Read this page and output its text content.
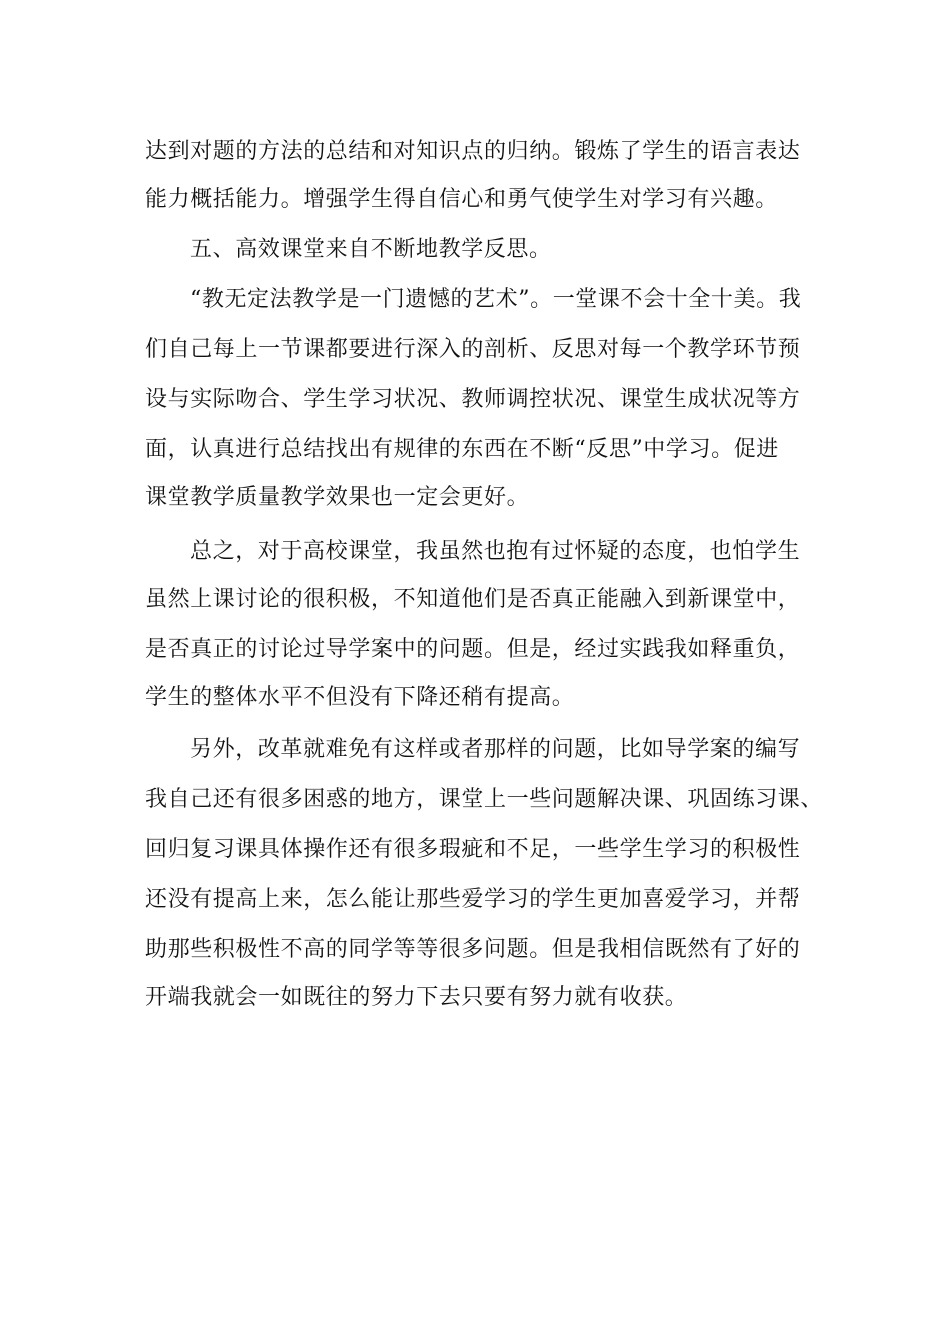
达到对题的方法的总结和对知识点的归纳。锻炼了学生的语言表达
能力概括能力。增强学生得自信心和勇气使学生对学习有兴趣。
五、高效课堂来自不断地教学反思。
“教无定法教学是一门遗憾的艺术”。一堂课不会十全十美。我
们自己每上一节课都要进行深入的剖析、反思对每一个教学环节预
设与实际吻合、学生学习状况、教师调控状况、课堂生成状况等方
面，认真进行总结找出有规律的东西在不断“反思”中学习。促进
课堂教学质量教学效果也一定会更好。
总之，对于高校课堂，我虽然也抱有过怀疑的态度，也怕学生
虽然上课讨论的很积极，不知道他们是否真正能融入到新课堂中，
是否真正的讨论过导学案中的问题。但是，经过实践我如释重负，
学生的整体水平不但没有下降还稍有提高。
另外，改革就难免有这样或者那样的问题，比如导学案的编写
我自己还有很多困惑的地方，课堂上一些问题解决课、巩固练习课、
回归复习课具体操作还有很多瑕疵和不足，一些学生学习的积极性
还没有提高上来，怎么能让那些爱学习的学生更加喜爱学习，并帮
助那些积极性不高的同学等等很多问题。但是我相信既然有了好的
开端我就会一如既往的努力下去只要有努力就有收获。
